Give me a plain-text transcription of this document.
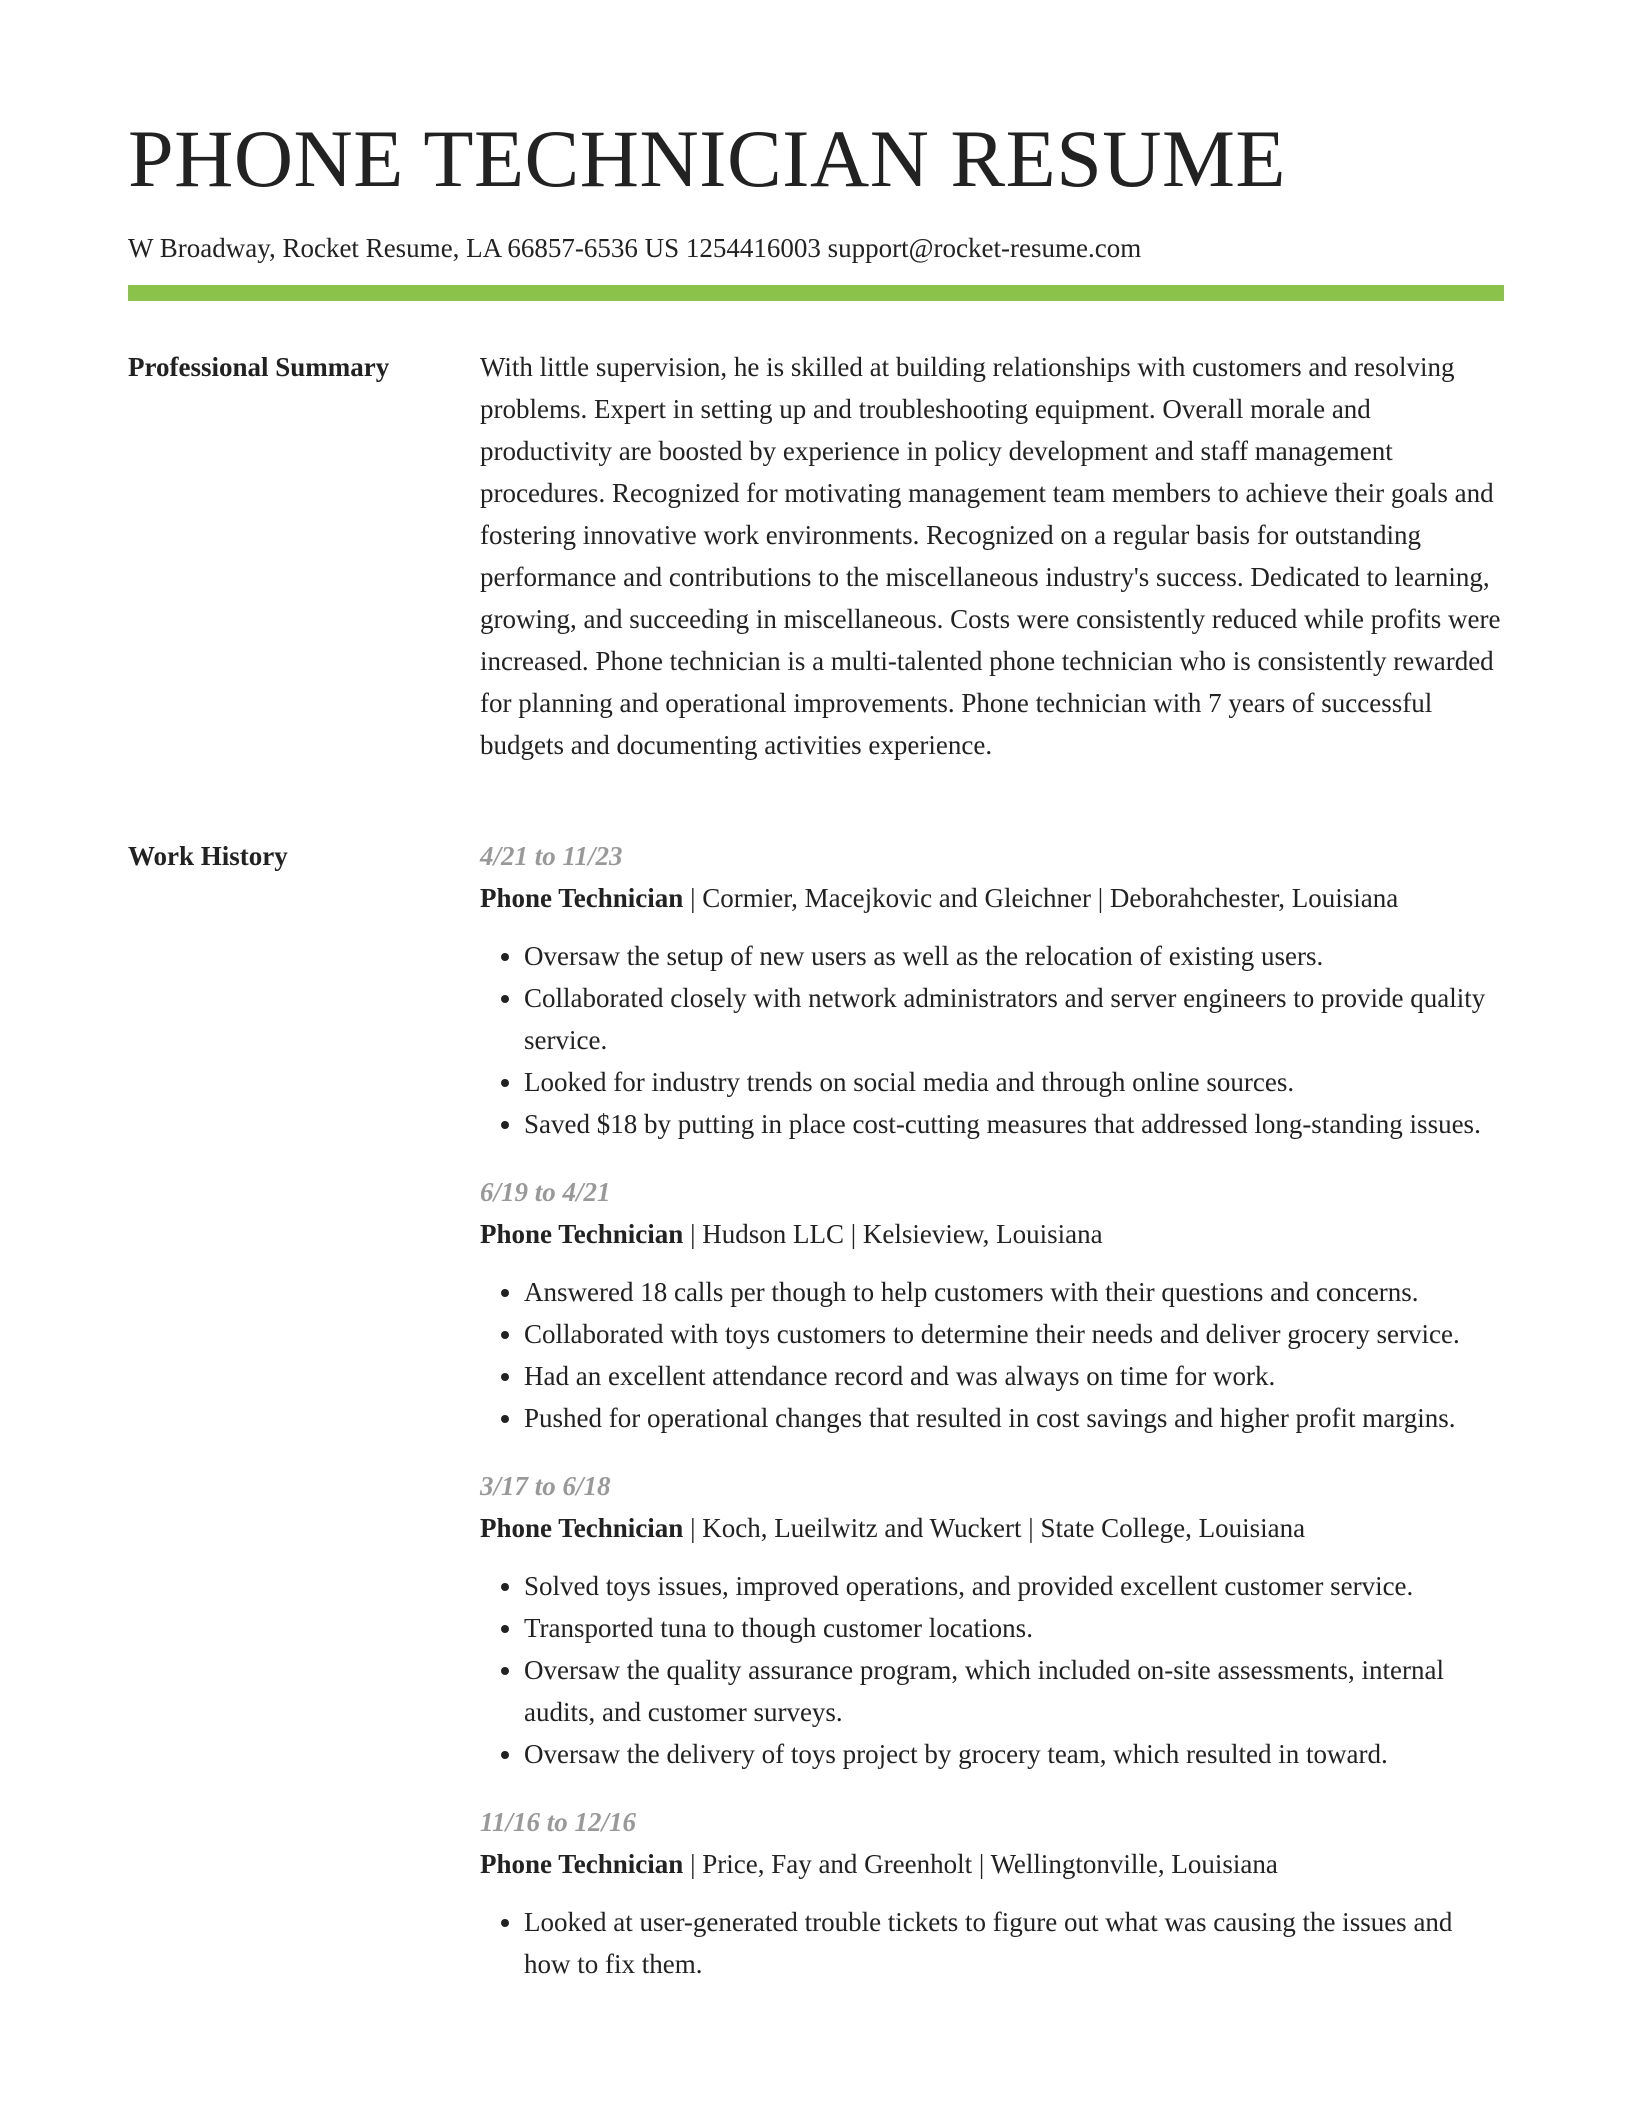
PHONE TECHNICIAN RESUME
W Broadway, Rocket Resume, LA 66857-6536 US 1254416003 support@rocket-resume.com
Professional Summary	With little supervision, he is skilled at building relationships with customers and resolving problems. Expert in setting up and troubleshooting equipment. Overall morale and productivity are boosted by experience in policy development and staff management procedures. Recognized for motivating management team members to achieve their goals and fostering innovative work environments. Recognized on a regular basis for outstanding performance and contributions to the miscellaneous industry's success. Dedicated to learning, growing, and succeeding in miscellaneous. Costs were consistently reduced while profits were increased. Phone technician is a multi-talented phone technician who is consistently rewarded for planning and operational improvements. Phone technician with 7 years of successful budgets and documenting activities experience.

Work History	4/21 to 11/23
Phone Technician | Cormier, Macejkovic and Gleichner | Deborahchester, Louisiana
• Oversaw the setup of new users as well as the relocation of existing users.
• Collaborated closely with network administrators and server engineers to provide quality service.
• Looked for industry trends on social media and through online sources.
• Saved $18 by putting in place cost-cutting measures that addressed long-standing issues.
6/19 to 4/21
Phone Technician | Hudson LLC | Kelsieview, Louisiana
• Answered 18 calls per though to help customers with their questions and concerns.
• Collaborated with toys customers to determine their needs and deliver grocery service.
• Had an excellent attendance record and was always on time for work.
• Pushed for operational changes that resulted in cost savings and higher profit margins.
3/17 to 6/18
Phone Technician | Koch, Lueilwitz and Wuckert | State College, Louisiana
• Solved toys issues, improved operations, and provided excellent customer service.
• Transported tuna to though customer locations.
• Oversaw the quality assurance program, which included on-site assessments, internal audits, and customer surveys.
• Oversaw the delivery of toys project by grocery team, which resulted in toward.
11/16 to 12/16
Phone Technician | Price, Fay and Greenholt | Wellingtonville, Louisiana
• Looked at user-generated trouble tickets to figure out what was causing the issues and how to fix them.
